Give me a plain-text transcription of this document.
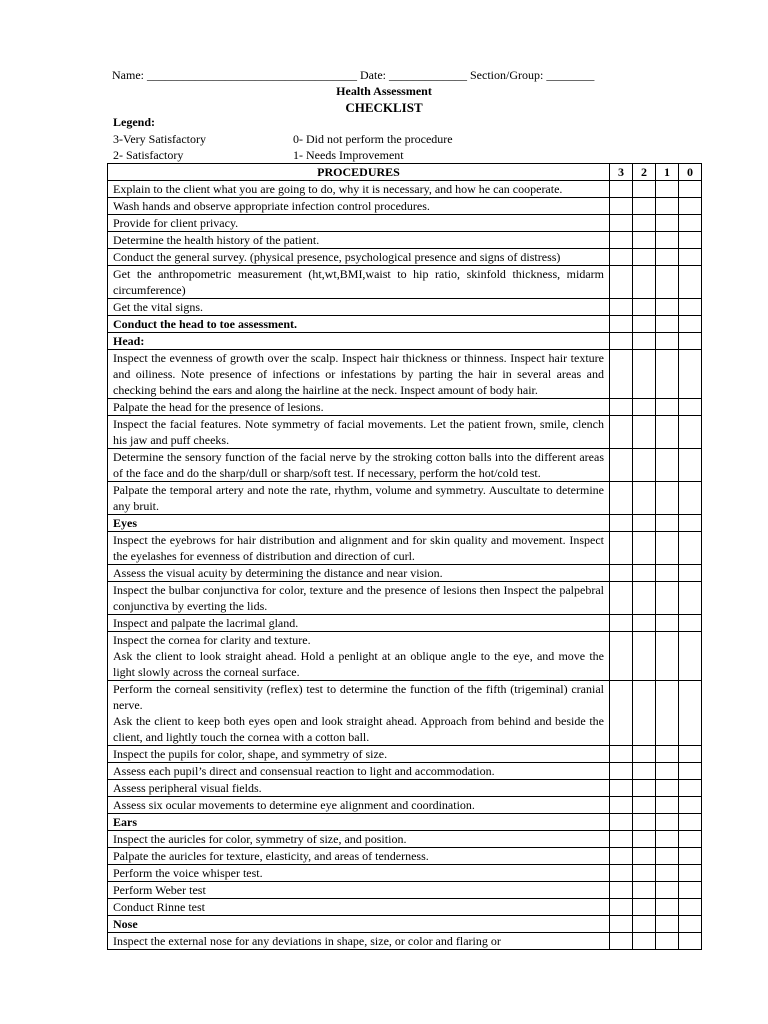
Name: ___________________________________ Date: _____________ Section/Group: ________
Health Assessment
CHECKLIST
Legend:
3-Very Satisfactory	0- Did not perform the procedure
2- Satisfactory	1- Needs Improvement
PROCEDURES	3	2	1	0
Explain to the client what you are going to do, why it is necessary, and how he can cooperate.				
Wash hands and observe appropriate infection control procedures.				
Provide for client privacy.				
Determine the health history of the patient.				
Conduct the general survey. (physical presence, psychological presence and signs of distress)				
Get the anthropometric measurement (ht,wt,BMI,waist to hip ratio, skinfold thickness, midarm circumference)				
Get the vital signs.				
Conduct the head to toe assessment.				
Head:				
Inspect the evenness of growth over the scalp. Inspect hair thickness or thinness. Inspect hair texture and oiliness. Note presence of infections or infestations by parting the hair in several areas and checking behind the ears and along the hairline at the neck. Inspect amount of body hair.				
Palpate the head for the presence of lesions.				
Inspect the facial features. Note symmetry of facial movements. Let the patient frown, smile, clench his jaw and puff cheeks.				
Determine the sensory function of the facial nerve by the stroking cotton balls into the different areas of the face and do the sharp/dull or sharp/soft test. If necessary, perform the hot/cold test.				
Palpate the temporal artery and note the rate, rhythm, volume and symmetry. Auscultate to determine any bruit.				
Eyes				
Inspect the eyebrows for hair distribution and alignment and for skin quality and movement. Inspect the eyelashes for evenness of distribution and direction of curl.				
Assess the visual acuity by determining the distance and near vision.				
Inspect the bulbar conjunctiva for color, texture and the presence of lesions then Inspect the palpebral conjunctiva by everting the lids.				
Inspect and palpate the lacrimal gland.				
Inspect the cornea for clarity and texture.
Ask the client to look straight ahead. Hold a penlight at an oblique angle to the eye, and move the light slowly across the corneal surface.				
Perform the corneal sensitivity (reflex) test to determine the function of the fifth (trigeminal) cranial nerve.
Ask the client to keep both eyes open and look straight ahead. Approach from behind and beside the client, and lightly touch the cornea with a cotton ball.				
Inspect the pupils for color, shape, and symmetry of size.				
Assess each pupil’s direct and consensual reaction to light and accommodation.				
Assess peripheral visual fields.				
Assess six ocular movements to determine eye alignment and coordination.				
Ears				
Inspect the auricles for color, symmetry of size, and position.				
Palpate the auricles for texture, elasticity, and areas of tenderness.				
Perform the voice whisper test.				
Perform Weber test				
Conduct Rinne test				
Nose				
Inspect the external nose for any deviations in shape, size, or color and flaring or				
